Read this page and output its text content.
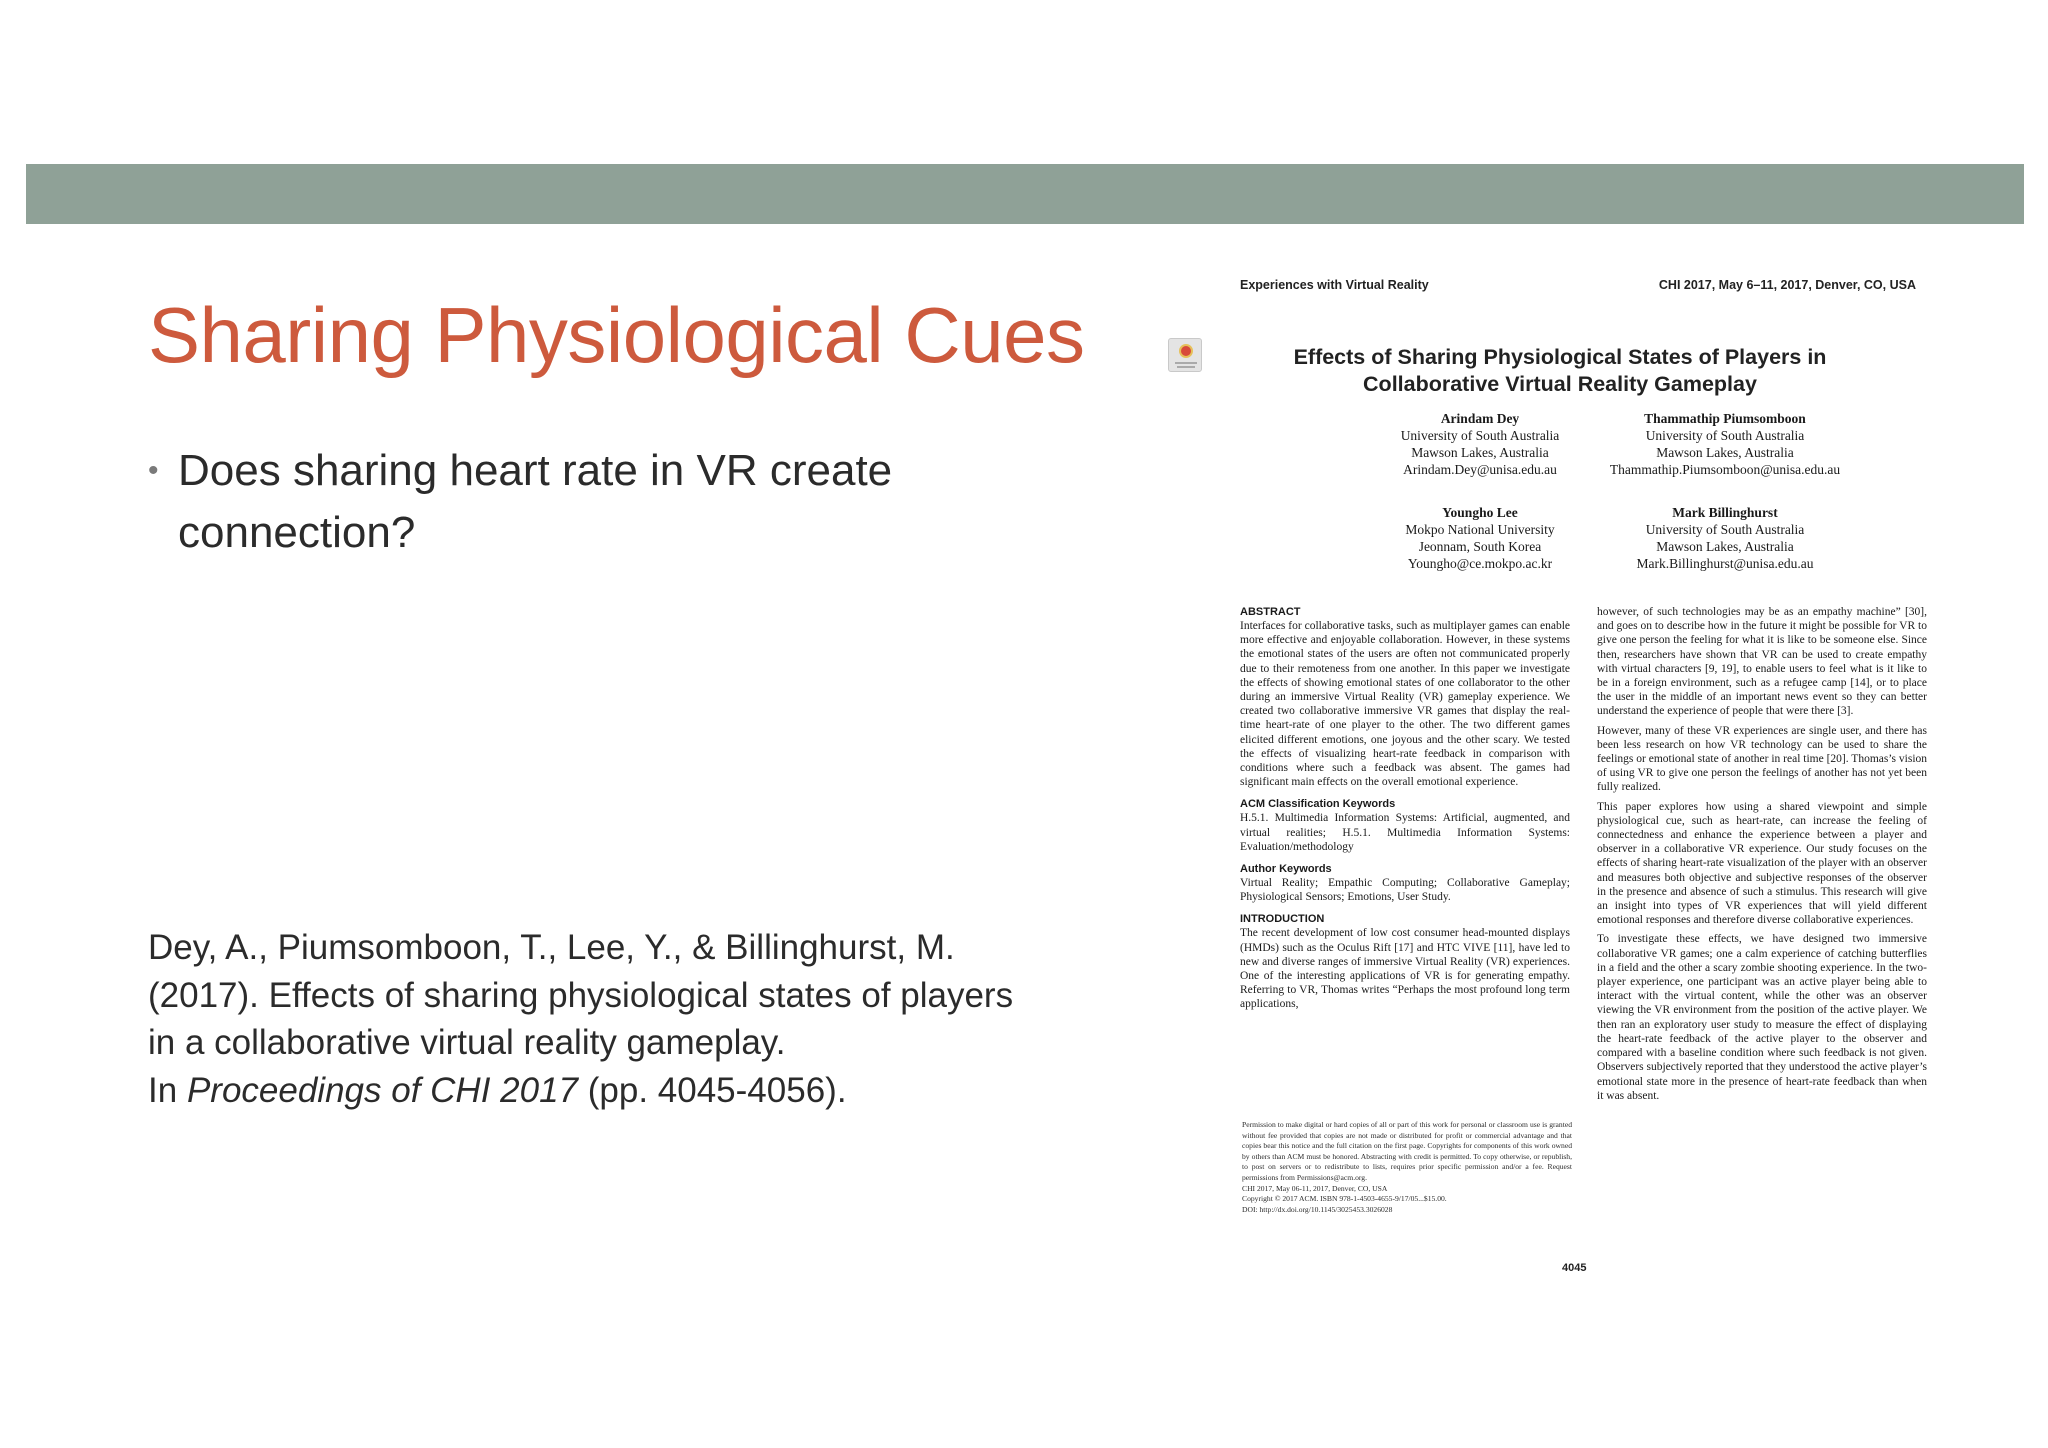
Sharing Physiological Cues
• Does sharing heart rate in VR create connection?
Dey, A., Piumsomboon, T., Lee, Y., & Billinghurst, M.
(2017). Effects of sharing physiological states of players
in a collaborative virtual reality gameplay.
In Proceedings of CHI 2017 (pp. 4045-4056).
Experiences with Virtual Reality	CHI 2017, May 6–11, 2017, Denver, CO, USA
Effects of Sharing Physiological States of Players in Collaborative Virtual Reality Gameplay
Arindam Dey
University of South Australia
Mawson Lakes, Australia
Arindam.Dey@unisa.edu.au
Thammathip Piumsomboon
University of South Australia
Mawson Lakes, Australia
Thammathip.Piumsomboon@unisa.edu.au
Youngho Lee
Mokpo National University
Jeonnam, South Korea
Youngho@ce.mokpo.ac.kr
Mark Billinghurst
University of South Australia
Mawson Lakes, Australia
Mark.Billinghurst@unisa.edu.au
ABSTRACT
Interfaces for collaborative tasks, such as multiplayer games can enable more effective and enjoyable collaboration. However, in these systems the emotional states of the users are often not communicated properly due to their remoteness from one another. In this paper we investigate the effects of showing emotional states of one collaborator to the other during an immersive Virtual Reality (VR) gameplay experience. We created two collaborative immersive VR games that display the real-time heart-rate of one player to the other. The two different games elicited different emotions, one joyous and the other scary. We tested the effects of visualizing heart-rate feedback in comparison with conditions where such a feedback was absent. The games had significant main effects on the overall emotional experience.
ACM Classification Keywords
H.5.1. Multimedia Information Systems: Artificial, augmented, and virtual realities; H.5.1. Multimedia Information Systems: Evaluation/methodology
Author Keywords
Virtual Reality; Empathic Computing; Collaborative Gameplay; Physiological Sensors; Emotions, User Study.
INTRODUCTION
The recent development of low cost consumer head-mounted displays (HMDs) such as the Oculus Rift [17] and HTC VIVE [11], have led to new and diverse ranges of immersive Virtual Reality (VR) experiences. One of the interesting applications of VR is for generating empathy. Referring to VR, Thomas writes “Perhaps the most profound long term applications,
however, of such technologies may be as an empathy machine” [30], and goes on to describe how in the future it might be possible for VR to give one person the feeling for what it is like to be someone else. Since then, researchers have shown that VR can be used to create empathy with virtual characters [9, 19], to enable users to feel what is it like to be in a foreign environment, such as a refugee camp [14], or to place the user in the middle of an important news event so they can better understand the experience of people that were there [3].
However, many of these VR experiences are single user, and there has been less research on how VR technology can be used to share the feelings or emotional state of another in real time [20]. Thomas’s vision of using VR to give one person the feelings of another has not yet been fully realized.
This paper explores how using a shared viewpoint and simple physiological cue, such as heart-rate, can increase the feeling of connectedness and enhance the experience between a player and observer in a collaborative VR experience. Our study focuses on the effects of sharing heart-rate visualization of the player with an observer and measures both objective and subjective responses of the observer in the presence and absence of such a stimulus. This research will give an insight into types of VR experiences that will yield different emotional responses and therefore diverse collaborative experiences.
To investigate these effects, we have designed two immersive collaborative VR games; one a calm experience of catching butterflies in a field and the other a scary zombie shooting experience. In the two-player experience, one participant was an active player being able to interact with the virtual content, while the other was an observer viewing the VR environment from the position of the active player. We then ran an exploratory user study to measure the effect of displaying the heart-rate feedback of the active player to the observer and compared with a baseline condition where such feedback is not given. Observers subjectively reported that they understood the active player’s emotional state more in the presence of heart-rate feedback than when it was absent.
Permission to make digital or hard copies of all or part of this work for personal or classroom use is granted without fee provided that copies are not made or distributed for profit or commercial advantage and that copies bear this notice and the full citation on the first page. Copyrights for components of this work owned by others than ACM must be honored. Abstracting with credit is permitted. To copy otherwise, or republish, to post on servers or to redistribute to lists, requires prior specific permission and/or a fee. Request permissions from Permissions@acm.org.
CHI 2017, May 06-11, 2017, Denver, CO, USA
Copyright © 2017 ACM. ISBN 978-1-4503-4655-9/17/05...$15.00.
DOI: http://dx.doi.org/10.1145/3025453.3026028
4045
